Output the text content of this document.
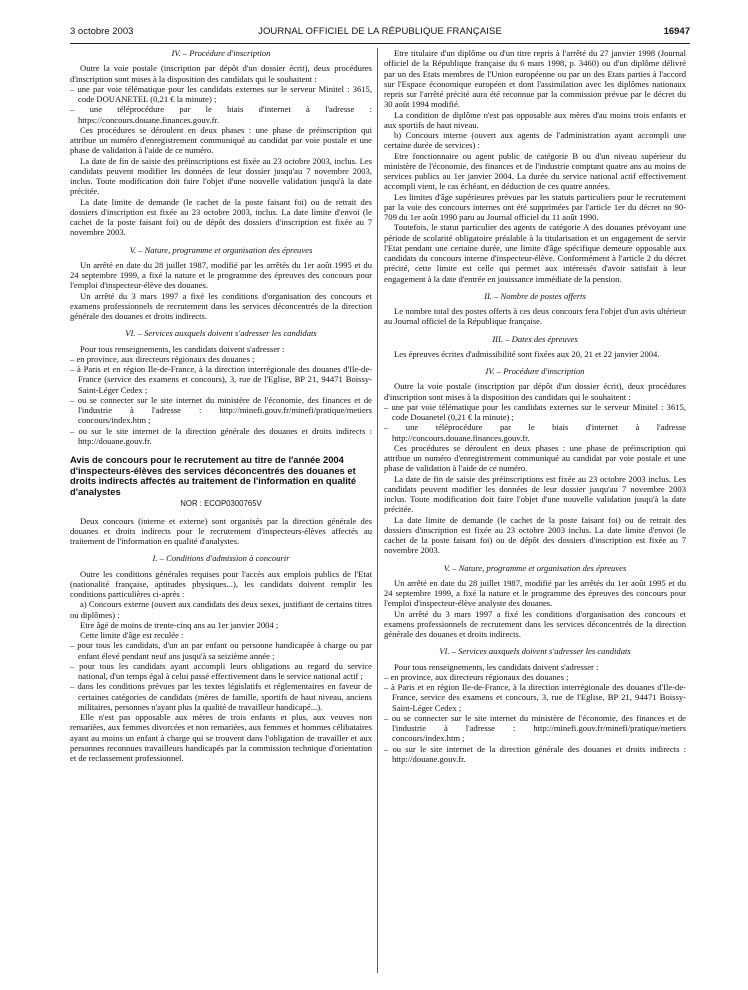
3 octobre 2003	JOURNAL OFFICIEL DE LA RÉPUBLIQUE FRANÇAISE	16947

IV. – Procédure d'inscription

Outre la voie postale (inscription par dépôt d'un dossier écrit), deux procédures d'inscription sont mises à la disposition des candidats qui le souhaitent :

– une par voie télématique pour les candidats externes sur le serveur Minitel : 3615, code DOUANETEL (0,21 € la minute) ;
– une téléprocédure par le biais d'internet à l'adresse : https://concours.douane.finances.gouv.fr.

Ces procédures se déroulent en deux phases : une phase de préinscription qui attribue un numéro d'enregistrement communiqué au candidat par voie postale et une phase de validation à l'aide de ce numéro.

La date de fin de saisie des préinscriptions est fixée au 23 octobre 2003, inclus. Les candidats peuvent modifier les données de leur dossier jusqu'au 7 novembre 2003, inclus. Toute modification doit faire l'objet d'une nouvelle validation jusqu'à la date précitée.

La date limite de demande (le cachet de la poste faisant foi) ou de retrait des dossiers d'inscription est fixée au 23 octobre 2003, inclus. La date limite d'envoi (le cachet de la poste faisant foi) ou de dépôt des dossiers d'inscription est fixée au 7 novembre 2003.

V. – Nature, programme et organisation des épreuves

Un arrêté en date du 28 juillet 1987, modifié par les arrêtés du 1er août 1995 et du 24 septembre 1999, a fixé la nature et le programme des épreuves des concours pour l'emploi d'inspecteur-élève des douanes.

Un arrêté du 3 mars 1997 a fixé les conditions d'organisation des concours et examens professionnels de recrutement dans les services déconcentrés de la direction générale des douanes et droits indirects.

VI. – Services auxquels doivent s'adresser les candidats

Pour tous renseignements, les candidats doivent s'adresser :

– en province, aux directeurs régionaux des douanes ;
– à Paris et en région Ile-de-France, à la direction interrégionale des douanes d'Ile-de-France (service des examens et concours), 3, rue de l'Eglise, BP 21, 94471 Boissy-Saint-Léger Cedex ;
– ou se connecter sur le site internet du ministère de l'économie, des finances et de l'industrie à l'adresse : http://minefi.gouv.fr/minefi/pratique/metiers concours/index.htm ;
– ou sur le site internet de la direction générale des douanes et droits indirects : http://douane.gouv.fr.

Avis de concours pour le recrutement au titre de l'année 2004 d'inspecteurs-élèves des services déconcentrés des douanes et droits indirects affectés au traitement de l'information en qualité d'analystes

NOR : ECOP0300765V

Deux concours (interne et externe) sont organisés par la direction générale des douanes et droits indirects pour le recrutement d'inspecteurs-élèves affectés au traitement de l'information en qualité d'analystes.

I. – Conditions d'admission à concourir

Outre les conditions générales requises pour l'accès aux emplois publics de l'Etat (nationalité française, aptitudes physiques...), les candidats doivent remplir les conditions particulières ci-après :

a) Concours externe (ouvert aux candidats des deux sexes, justifiant de certains titres ou diplômes) :

Etre âgé de moins de trente-cinq ans au 1er janvier 2004 ;

Cette limite d'âge est reculée :

– pour tous les candidats, d'un an par enfant ou personne handicapée à charge ou par enfant élevé pendant neuf ans jusqu'à sa seizième année ;
– pour tous les candidats ayant accompli leurs obligations au regard du service national, d'un temps égal à celui passé effectivement dans le service national actif ;
– dans les conditions prévues par les textes législatifs et réglementaires en faveur de certaines catégories de candidats (mères de famille, sportifs de haut niveau, anciens militaires, personnes n'ayant plus la qualité de travailleur handicapé...).

Elle n'est pas opposable aux mères de trois enfants et plus, aux veuves non remariées, aux femmes divorcées et non remariées, aux femmes et hommes célibataires ayant au moins un enfant à charge qui se trouvent dans l'obligation de travailler et aux personnes reconnues travailleurs handicapés par la commission technique d'orientation et de reclassement professionnel.

Etre titulaire d'un diplôme ou d'un titre repris à l'arrêté du 27 janvier 1998 (Journal officiel de la République française du 6 mars 1998, p. 3460) ou d'un diplôme délivré par un des Etats membres de l'Union européenne ou par un des Etats parties à l'accord sur l'Espace économique européen et dont l'assimilation avec les diplômes nationaux repris sur l'arrêté précité aura été reconnue par la commission prévue par le décret du 30 août 1994 modifié.

La condition de diplôme n'est pas opposable aux mères d'au moins trois enfants et aux sportifs de haut niveau.

b) Concours interne (ouvert aux agents de l'administration ayant accompli une certaine durée de services) :

Etre fonctionnaire ou agent public de catégorie B ou d'un niveau supérieur du ministère de l'économie, des finances et de l'industrie comptant quatre ans au moins de services publics au 1er janvier 2004. La durée du service national actif effectivement accompli vient, le cas échéant, en déduction de ces quatre années.

Les limites d'âge supérieures prévues par les statuts particuliers pour le recrutement par la voie des concours internes ont été supprimées par l'article 1er du décret no 90-709 du 1er août 1990 paru au Journal officiel du 11 août 1990.

Toutefois, le statut particulier des agents de catégorie A des douanes prévoyant une période de scolarité obligatoire préalable à la titularisation et un engagement de servir l'Etat pendant une certaine durée, une limite d'âge spécifique demeure opposable aux candidats du concours interne d'inspecteur-élève. Conformément à l'article 2 du décret précité, cette limite est celle qui permet aux intéressés d'avoir satisfait à leur engagement à la date d'entrée en jouissance immédiate de la pension.

II. – Nombre de postes offerts

Le nombre total des postes offerts à ces deux concours fera l'objet d'un avis ultérieur au Journal officiel de la République française.

III. – Dates des épreuves

Les épreuves écrites d'admissibilité sont fixées aux 20, 21 et 22 janvier 2004.

IV. – Procédure d'inscription

Outre la voie postale (inscription par dépôt d'un dossier écrit), deux procédures d'inscription sont mises à la disposition des candidats qui le souhaitent :

– une par voie télématique pour les candidats externes sur le serveur Minitel : 3615, code Douanetel (0,21 € la minute) ;
– une téléprocédure par le biais d'internet à l'adresse http://concours.douane.finances.gouv.fr.

Ces procédures se déroulent en deux phases : une phase de préinscription qui attribue un numéro d'enregistrement communiqué au candidat par voie postale et une phase de validation à l'aide de ce numéro.

La date de fin de saisie des préinscriptions est fixée au 23 octobre 2003 inclus. Les candidats peuvent modifier les données de leur dossier jusqu'au 7 novembre 2003 inclus. Toute modification doit faire l'objet d'une nouvelle validation jusqu'à la date précitée.

La date limite de demande (le cachet de la poste faisant foi) ou de retrait des dossiers d'inscription est fixée au 23 octobre 2003 inclus. La date limite d'envoi (le cachet de la poste faisant foi) ou de dépôt des dossiers d'inscription est fixée au 7 novembre 2003.

V. – Nature, programme et organisation des épreuves

Un arrêté en date du 28 juillet 1987, modifié par les arrêtés du 1er août 1995 et du 24 septembre 1999, a fixé la nature et le programme des épreuves des concours pour l'emploi d'inspecteur-élève analyste des douanes.

Un arrêté du 3 mars 1997 a fixé les conditions d'organisation des concours et examens professionnels de recrutement dans les services déconcentrés de la direction générale des douanes et droits indirects.

VI. – Services auxquels doivent s'adresser les candidats

Pour tous renseignements, les candidats doivent s'adresser :

– en province, aux directeurs régionaux des douanes ;
– à Paris et en région Ile-de-France, à la direction interrégionale des douanes d'Ile-de-France, service des examens et concours, 3, rue de l'Eglise, BP 21, 94471 Boissy-Saint-Léger Cedex ;
– ou se connecter sur le site internet du ministère de l'économie, des finances et de l'industrie à l'adresse : http://minefi.gouv.fr/minefi/pratique/metiers concours/index.htm ;
– ou sur le site internet de la direction générale des douanes et droits indirects : http://douane.gouv.fr.
